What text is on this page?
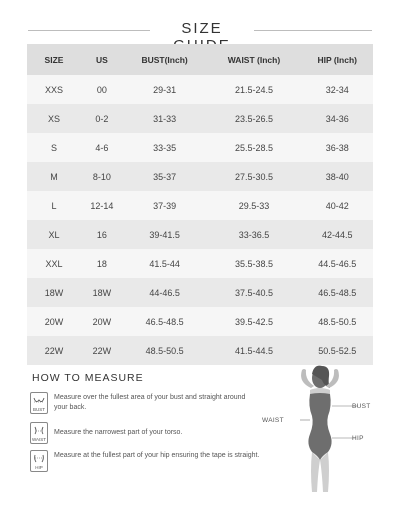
SIZE
SIZE	US	BUST(Inch)	WAIST (Inch)	HIP (Inch)
XXS	00	29-31	21.5-24.5	32-34
XS	0-2	31-33	23.5-26.5	34-36
S	4-6	33-35	25.5-28.5	36-38
M	8-10	35-37	27.5-30.5	38-40
L	12-14	37-39	29.5-33	40-42
XL	16	39-41.5	33-36.5	42-44.5
XXL	18	41.5-44	35.5-38.5	44.5-46.5
18W	18W	44-46.5	37.5-40.5	46.5-48.5
20W	20W	46.5-48.5	39.5-42.5	48.5-50.5
22W	22W	48.5-50.5	41.5-44.5	50.5-52.5
HOW TO MEASURE
BUST
Measure over the fullest area of your bust and straight around your back.
WAIST
Measure the narrowest part of your torso.
HIP
Measure at the fullest part of your hip ensuring the tape is straight.
BUST
WAIST
HIP
